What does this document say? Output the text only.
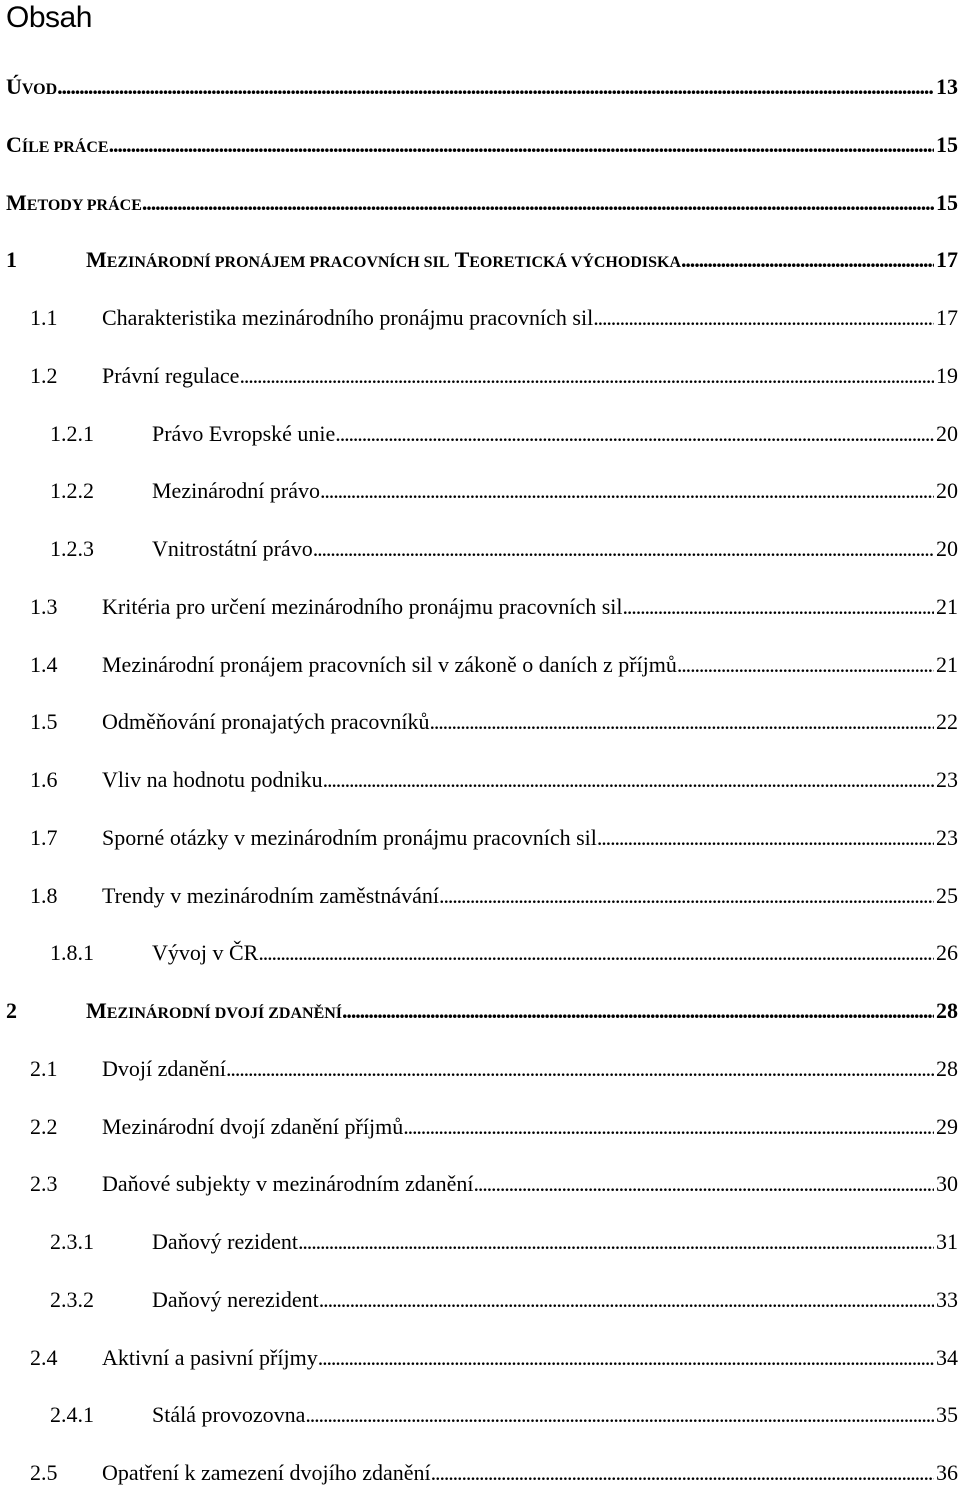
Obsah
ÚVOD . . .	13
CÍLE PRÁCE . . .	15
METODY PRÁCE . . .	15
1	MEZINÁRODNÍ PRONÁJEM PRACOVNÍCH SIL TEORETICKÁ VÝCHODISKA . . .	17
1.1	Charakteristika mezinárodního pronájmu pracovních sil . . .	17
1.2	Právní regulace . . .	19
1.2.1	Právo Evropské unie . . .	20
1.2.2	Mezinárodní právo . . .	20
1.2.3	Vnitrostátní právo . . .	20
1.3	Kritéria pro určení mezinárodního pronájmu pracovních sil . . .	21
1.4	Mezinárodní pronájem pracovních sil v zákoně o daních z příjmů . . .	21
1.5	Odměňování pronajatých pracovníků . . .	22
1.6	Vliv na hodnotu podniku . . .	23
1.7	Sporné otázky v mezinárodním pronájmu pracovních sil . . .	23
1.8	Trendy v mezinárodním zaměstnávání . . .	25
1.8.1	Vývoj v ČR . . .	26
2	MEZINÁRODNÍ DVOJÍ ZDANĚNÍ . . .	28
2.1	Dvojí zdanění . . .	28
2.2	Mezinárodní dvojí zdanění příjmů . . .	29
2.3	Daňové subjekty v mezinárodním zdanění . . .	30
2.3.1	Daňový rezident . . .	31
2.3.2	Daňový nerezident . . .	33
2.4	Aktivní a pasivní příjmy . . .	34
2.4.1	Stálá provozovna . . .	35
2.5	Opatření k zamezení dvojího zdanění . . .	36
